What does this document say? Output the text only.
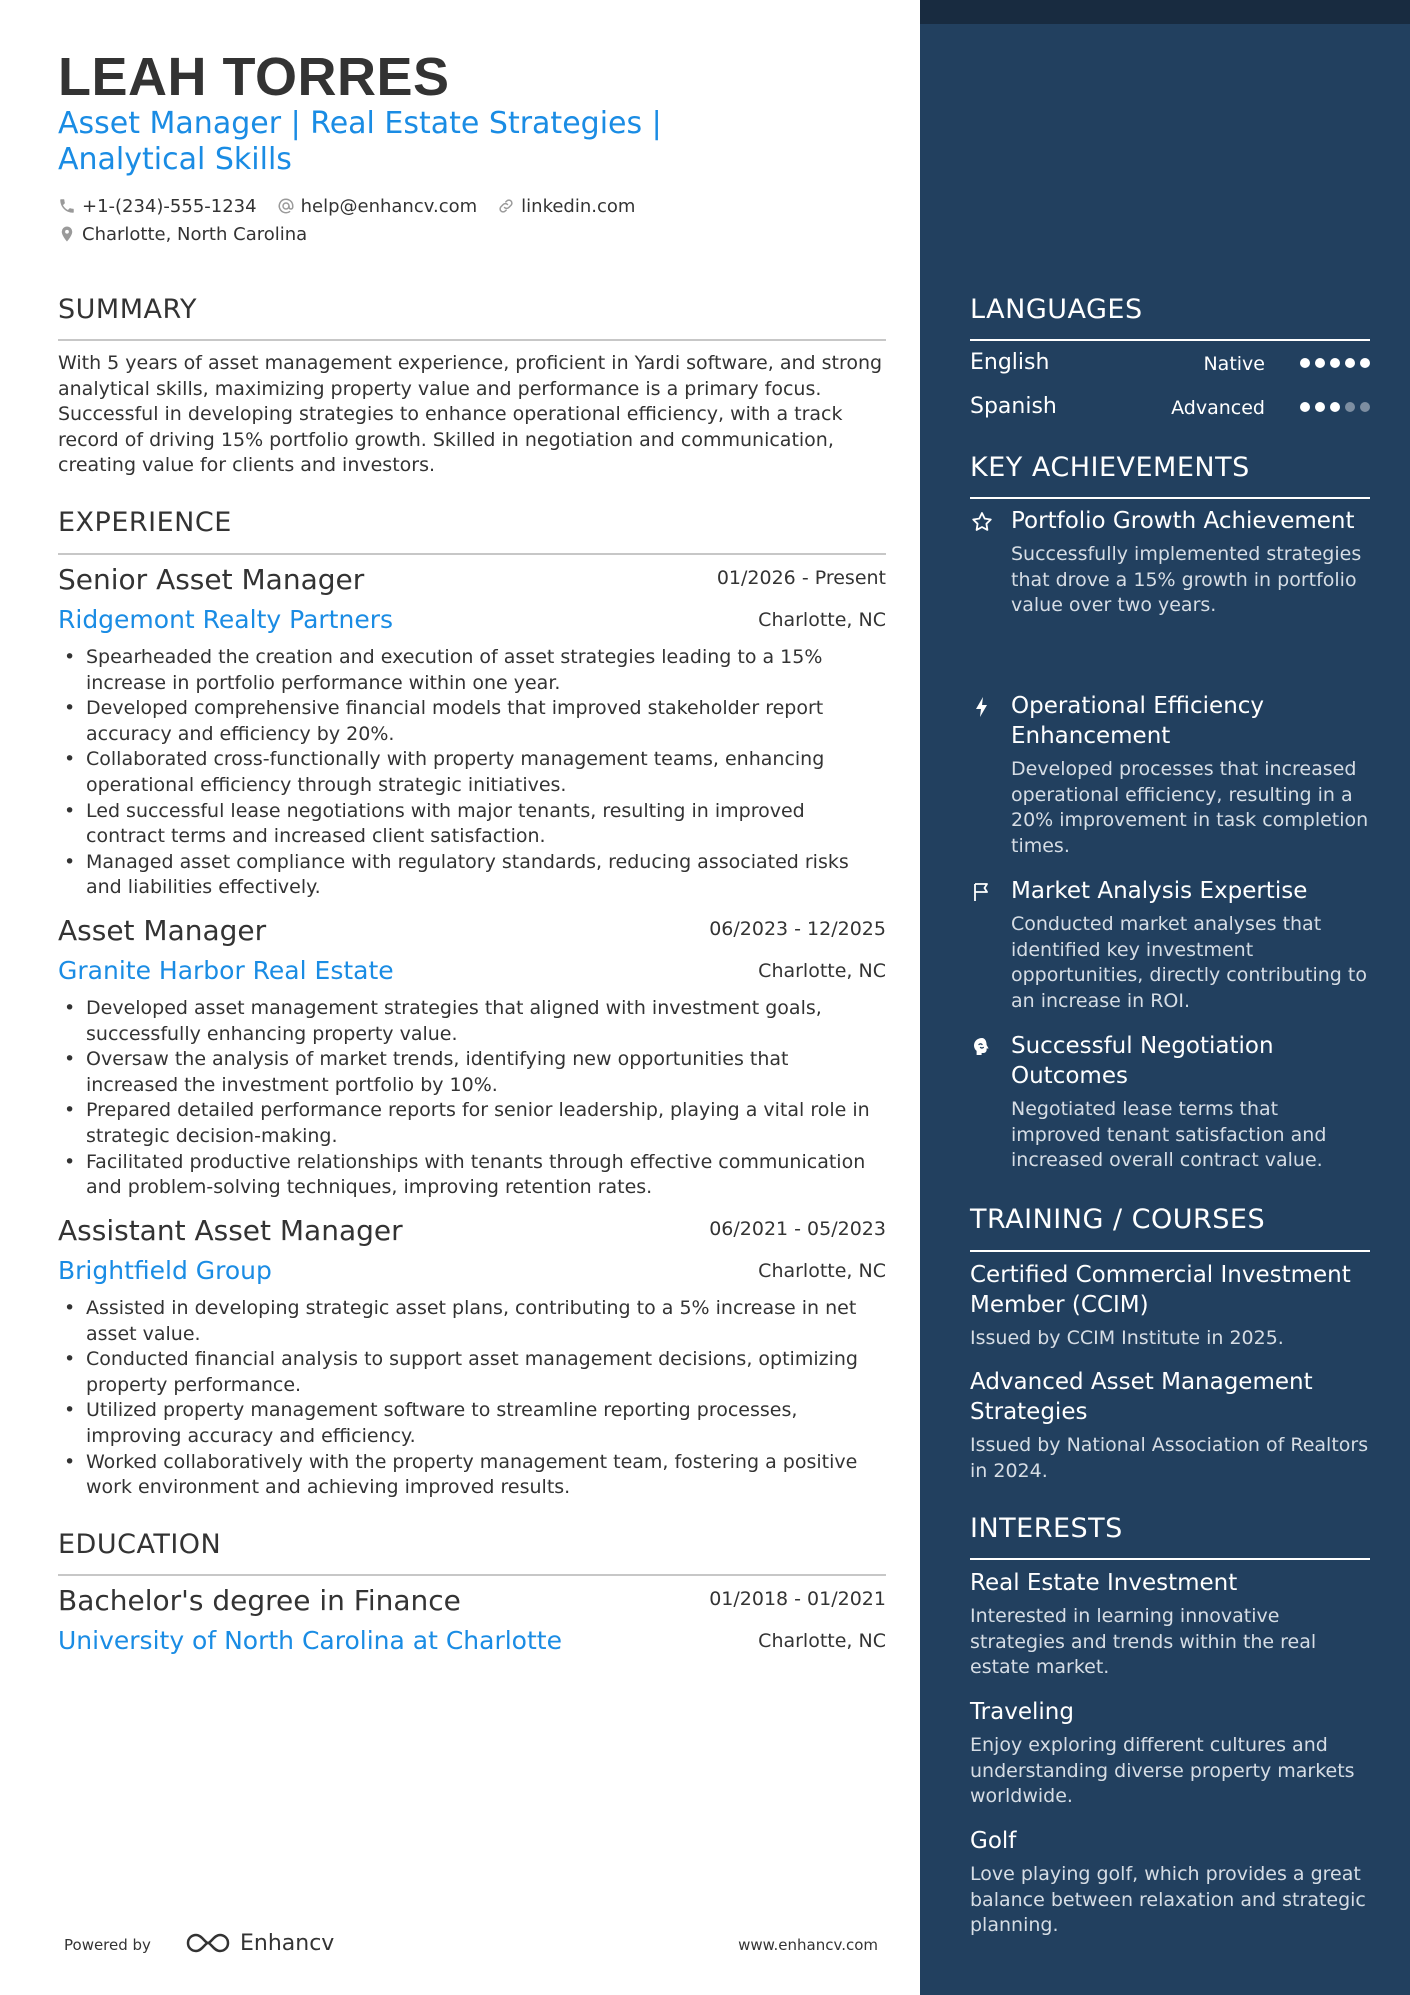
LEAH TORRES
Asset Manager | Real Estate Strategies | Analytical Skills
+1-(234)-555-1234 help@enhancv.com linkedin.com
Charlotte, North Carolina
SUMMARY
With 5 years of asset management experience, proficient in Yardi software, and strong analytical skills, maximizing property value and performance is a primary focus. Successful in developing strategies to enhance operational efficiency, with a track record of driving 15% portfolio growth. Skilled in negotiation and communication, creating value for clients and investors.
EXPERIENCE
Senior Asset Manager	01/2026 - Present
Ridgemont Realty Partners	Charlotte, NC
• Spearheaded the creation and execution of asset strategies leading to a 15% increase in portfolio performance within one year.
• Developed comprehensive financial models that improved stakeholder report accuracy and efficiency by 20%.
• Collaborated cross-functionally with property management teams, enhancing operational efficiency through strategic initiatives.
• Led successful lease negotiations with major tenants, resulting in improved contract terms and increased client satisfaction.
• Managed asset compliance with regulatory standards, reducing associated risks and liabilities effectively.
Asset Manager	06/2023 - 12/2025
Granite Harbor Real Estate	Charlotte, NC
• Developed asset management strategies that aligned with investment goals, successfully enhancing property value.
• Oversaw the analysis of market trends, identifying new opportunities that increased the investment portfolio by 10%.
• Prepared detailed performance reports for senior leadership, playing a vital role in strategic decision-making.
• Facilitated productive relationships with tenants through effective communication and problem-solving techniques, improving retention rates.
Assistant Asset Manager	06/2021 - 05/2023
Brightfield Group	Charlotte, NC
• Assisted in developing strategic asset plans, contributing to a 5% increase in net asset value.
• Conducted financial analysis to support asset management decisions, optimizing property performance.
• Utilized property management software to streamline reporting processes, improving accuracy and efficiency.
• Worked collaboratively with the property management team, fostering a positive work environment and achieving improved results.
EDUCATION
Bachelor's degree in Finance	01/2018 - 01/2021
University of North Carolina at Charlotte	Charlotte, NC
Powered by	Enhancv	www.enhancv.com
LANGUAGES
English	Native
Spanish	Advanced
KEY ACHIEVEMENTS
Portfolio Growth Achievement
Successfully implemented strategies that drove a 15% growth in portfolio value over two years.
Operational Efficiency Enhancement
Developed processes that increased operational efficiency, resulting in a 20% improvement in task completion times.
Market Analysis Expertise
Conducted market analyses that identified key investment opportunities, directly contributing to an increase in ROI.
Successful Negotiation Outcomes
Negotiated lease terms that improved tenant satisfaction and increased overall contract value.
TRAINING / COURSES
Certified Commercial Investment Member (CCIM)
Issued by CCIM Institute in 2025.
Advanced Asset Management Strategies
Issued by National Association of Realtors in 2024.
INTERESTS
Real Estate Investment
Interested in learning innovative strategies and trends within the real estate market.
Traveling
Enjoy exploring different cultures and understanding diverse property markets worldwide.
Golf
Love playing golf, which provides a great balance between relaxation and strategic planning.
